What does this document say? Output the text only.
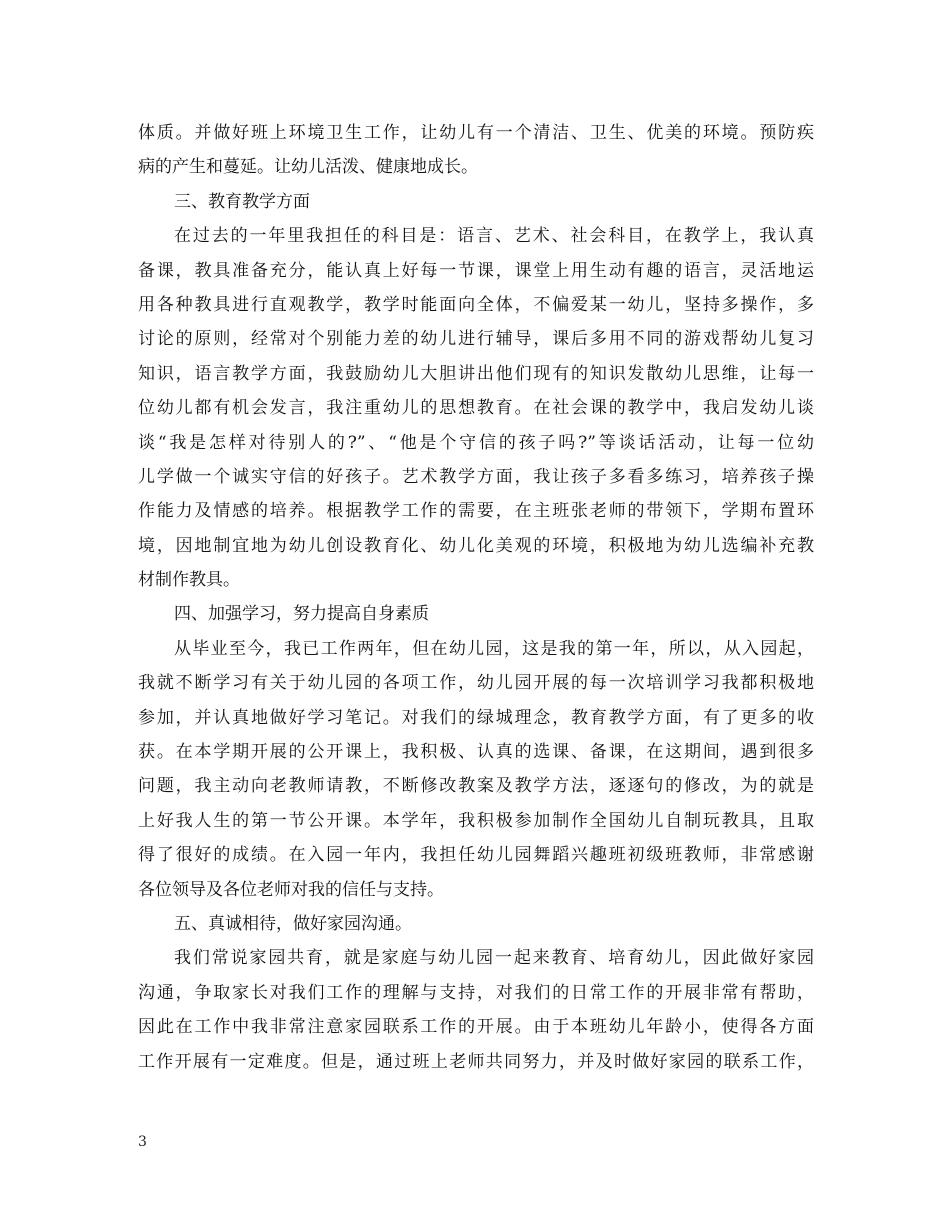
体质。并做好班上环境卫生工作，让幼儿有一个清洁、卫生、优美的环境。预防疾
病的产生和蔓延。让幼儿活泼、健康地成长。
三、教育教学方面
在过去的一年里我担任的科目是：语言、艺术、社会科目，在教学上，我认真
备课，教具准备充分，能认真上好每一节课，课堂上用生动有趣的语言，灵活地运
用各种教具进行直观教学，教学时能面向全体，不偏爱某一幼儿，坚持多操作，多
讨论的原则，经常对个别能力差的幼儿进行辅导，课后多用不同的游戏帮幼儿复习
知识，语言教学方面，我鼓励幼儿大胆讲出他们现有的知识发散幼儿思维，让每一
位幼儿都有机会发言，我注重幼儿的思想教育。在社会课的教学中，我启发幼儿谈
谈“我是怎样对待别人的?”、“他是个守信的孩子吗?”等谈话活动，让每一位幼
儿学做一个诚实守信的好孩子。艺术教学方面，我让孩子多看多练习，培养孩子操
作能力及情感的培养。根据教学工作的需要，在主班张老师的带领下，学期布置环
境，因地制宜地为幼儿创设教育化、幼儿化美观的环境，积极地为幼儿选编补充教
材制作教具。
四、加强学习，努力提高自身素质
从毕业至今，我已工作两年，但在幼儿园，这是我的第一年，所以，从入园起，
我就不断学习有关于幼儿园的各项工作，幼儿园开展的每一次培训学习我都积极地
参加，并认真地做好学习笔记。对我们的绿城理念，教育教学方面，有了更多的收
获。在本学期开展的公开课上，我积极、认真的选课、备课，在这期间，遇到很多
问题，我主动向老教师请教，不断修改教案及教学方法，逐逐句的修改，为的就是
上好我人生的第一节公开课。本学年，我积极参加制作全国幼儿自制玩教具，且取
得了很好的成绩。在入园一年内，我担任幼儿园舞蹈兴趣班初级班教师，非常感谢
各位领导及各位老师对我的信任与支持。
五、真诚相待，做好家园沟通。
我们常说家园共育，就是家庭与幼儿园一起来教育、培育幼儿，因此做好家园
沟通，争取家长对我们工作的理解与支持，对我们的日常工作的开展非常有帮助，
因此在工作中我非常注意家园联系工作的开展。由于本班幼儿年龄小，使得各方面
工作开展有一定难度。但是，通过班上老师共同努力，并及时做好家园的联系工作，
3
